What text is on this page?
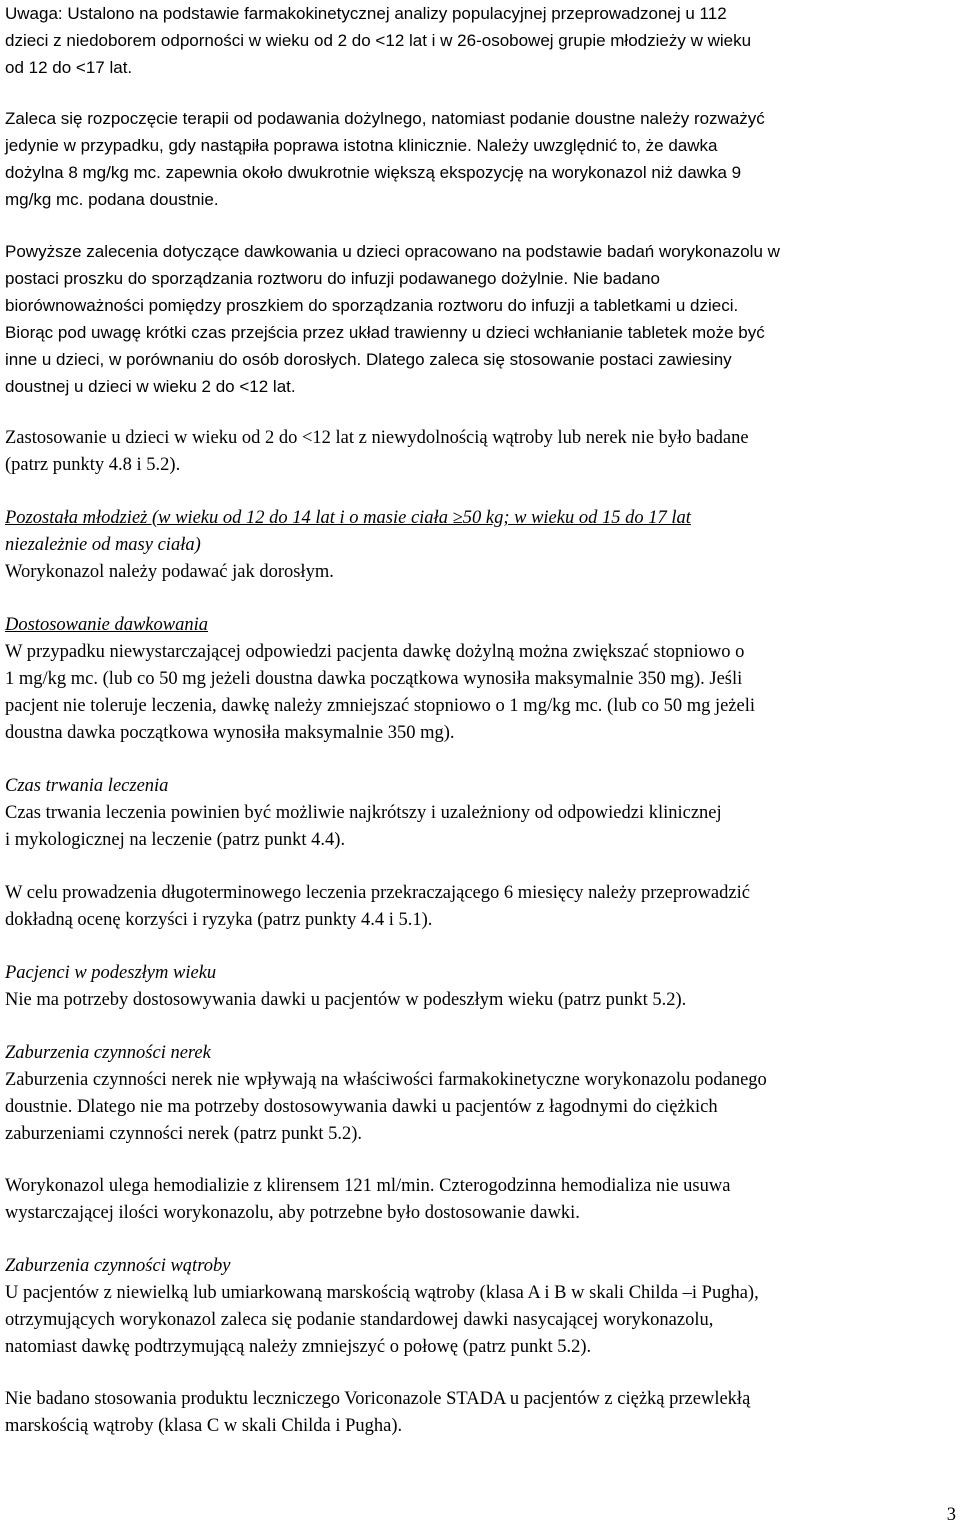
Uwaga: Ustalono na podstawie farmakokinetycznej analizy populacyjnej przeprowadzonej u 112
dzieci z niedoborem odporności w wieku od 2 do <12 lat i w 26-osobowej grupie młodzieży w wieku
od 12 do <17 lat.
Zaleca się rozpoczęcie terapii od podawania dożylnego, natomiast podanie doustne należy rozważyć
jedynie w przypadku, gdy nastąpiła poprawa istotna klinicznie. Należy uwzględnić to, że dawka
dożylna 8 mg/kg mc. zapewnia około dwukrotnie większą ekspozycję na worykonazol niż dawka 9
mg/kg mc. podana doustnie.
Powyższe zalecenia dotyczące dawkowania u dzieci opracowano na podstawie badań worykonazolu w
postaci proszku do sporządzania roztworu do infuzji podawanego dożylnie. Nie badano
biorównoważności pomiędzy proszkiem do sporządzania roztworu do infuzji a tabletkami u dzieci.
Biorąc pod uwagę krótki czas przejścia przez układ trawienny u dzieci wchłanianie tabletek może być
inne u dzieci, w porównaniu do osób dorosłych. Dlatego zaleca się stosowanie postaci zawiesiny
doustnej u dzieci w wieku 2 do <12 lat.
Zastosowanie u dzieci w wieku od 2 do <12 lat z niewydolnością wątroby lub nerek nie było badane
(patrz punkty 4.8 i 5.2).
Pozostała młodzież (w wieku od 12 do 14 lat i o masie ciała ≥50 kg; w wieku od 15 do 17 lat
niezależnie od masy ciała)
Worykonazol należy podawać jak dorosłym.
Dostosowanie dawkowania
W przypadku niewystarczającej odpowiedzi pacjenta dawkę dożylną można zwiększać stopniowo o
1 mg/kg mc. (lub co 50 mg jeżeli doustna dawka początkowa wynosiła maksymalnie 350 mg). Jeśli
pacjent nie toleruje leczenia, dawkę należy zmniejszać stopniowo o 1 mg/kg mc. (lub co 50 mg jeżeli
doustna dawka początkowa wynosiła maksymalnie 350 mg).
Czas trwania leczenia
Czas trwania leczenia powinien być możliwie najkrótszy i uzależniony od odpowiedzi klinicznej
i mykologicznej na leczenie (patrz punkt 4.4).
W celu prowadzenia długoterminowego leczenia przekraczającego 6 miesięcy należy przeprowadzić
dokładną ocenę korzyści i ryzyka (patrz punkty 4.4 i 5.1).
Pacjenci w podeszłym wieku
Nie ma potrzeby dostosowywania dawki u pacjentów w podeszłym wieku (patrz punkt 5.2).
Zaburzenia czynności nerek
Zaburzenia czynności nerek nie wpływają na właściwości farmakokinetyczne worykonazolu podanego
doustnie. Dlatego nie ma potrzeby dostosowywania dawki u pacjentów z łagodnymi do ciężkich
zaburzeniami czynności nerek (patrz punkt 5.2).
Worykonazol ulega hemodializie z klirensem 121 ml/min. Czterogodzinna hemodializa nie usuwa
wystarczającej ilości worykonazolu, aby potrzebne było dostosowanie dawki.
Zaburzenia czynności wątroby
U pacjentów z niewielką lub umiarkowaną marskością wątroby (klasa A i B w skali Childa –i Pugha),
otrzymujących worykonazol zaleca się podanie standardowej dawki nasycającej worykonazolu,
natomiast dawkę podtrzymującą należy zmniejszyć o połowę (patrz punkt 5.2).
Nie badano stosowania produktu leczniczego Voriconazole STADA u pacjentów z ciężką przewlekłą
marskością wątroby (klasa C w skali Childa i Pugha).
3
